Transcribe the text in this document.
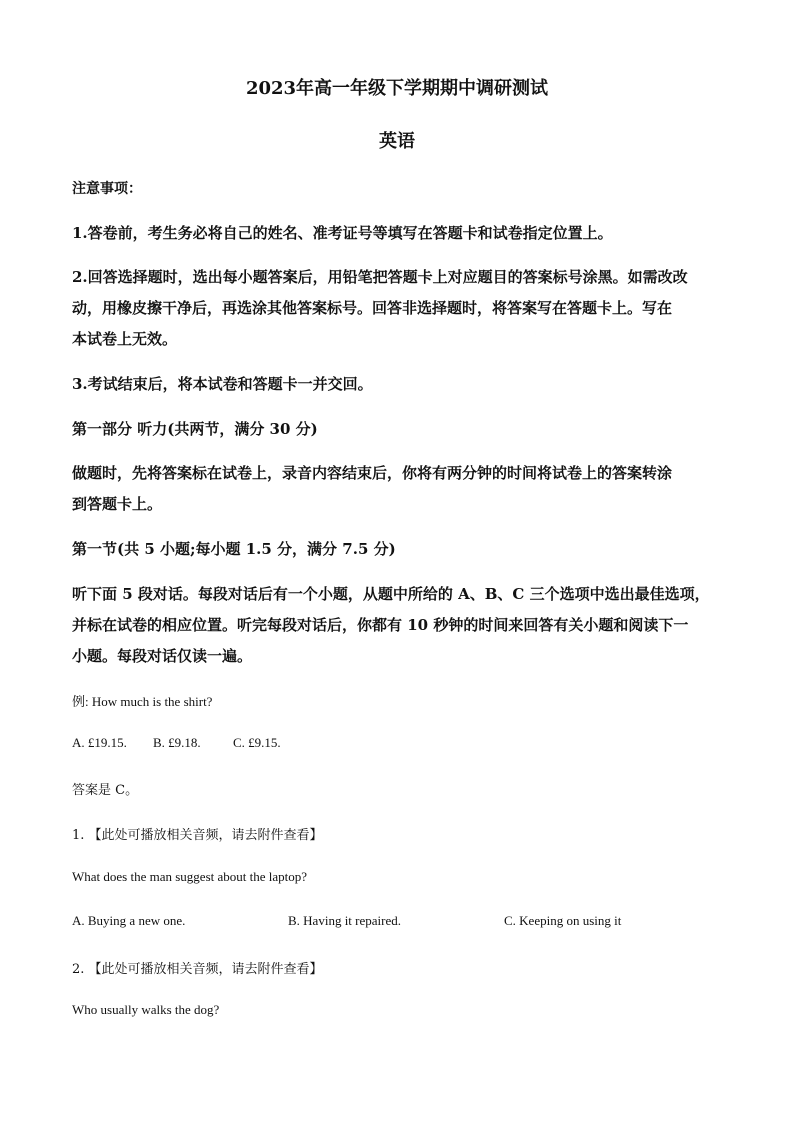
2023年高一年级下学期期中调研测试
英语
注意事项：
1.答卷前，考生务必将自己的姓名、准考证号等填写在答题卡和试卷指定位置上。
2.回答选择题时，选出每小题答案后，用铅笔把答题卡上对应题目的答案标号涂黑。如需改改
动，用橡皮擦干净后，再选涂其他答案标号。回答非选择题时，将答案写在答题卡上。写在
本试卷上无效。
3.考试结束后，将本试卷和答题卡一并交回。
第一部分 听力(共两节，满分 30 分)
做题时，先将答案标在试卷上，录音内容结束后，你将有两分钟的时间将试卷上的答案转涂
到答题卡上。
第一节(共 5 小题;每小题 1.5 分，满分 7.5 分)
听下面 5 段对话。每段对话后有一个小题，从题中所给的 A、B、C 三个选项中选出最佳选项，
并标在试卷的相应位置。听完每段对话后，你都有 10 秒钟的时间来回答有关小题和阅读下一
小题。每段对话仅读一遍。
例: How much is the shirt?
A. £19.15. B. £9.18. C. £9.15.
答案是 C。
1. 【此处可播放相关音频，请去附件查看】
What does the man suggest about the laptop?
A. Buying a new one.	B. Having it repaired.	C. Keeping on using it
2. 【此处可播放相关音频，请去附件查看】
Who usually walks the dog?
